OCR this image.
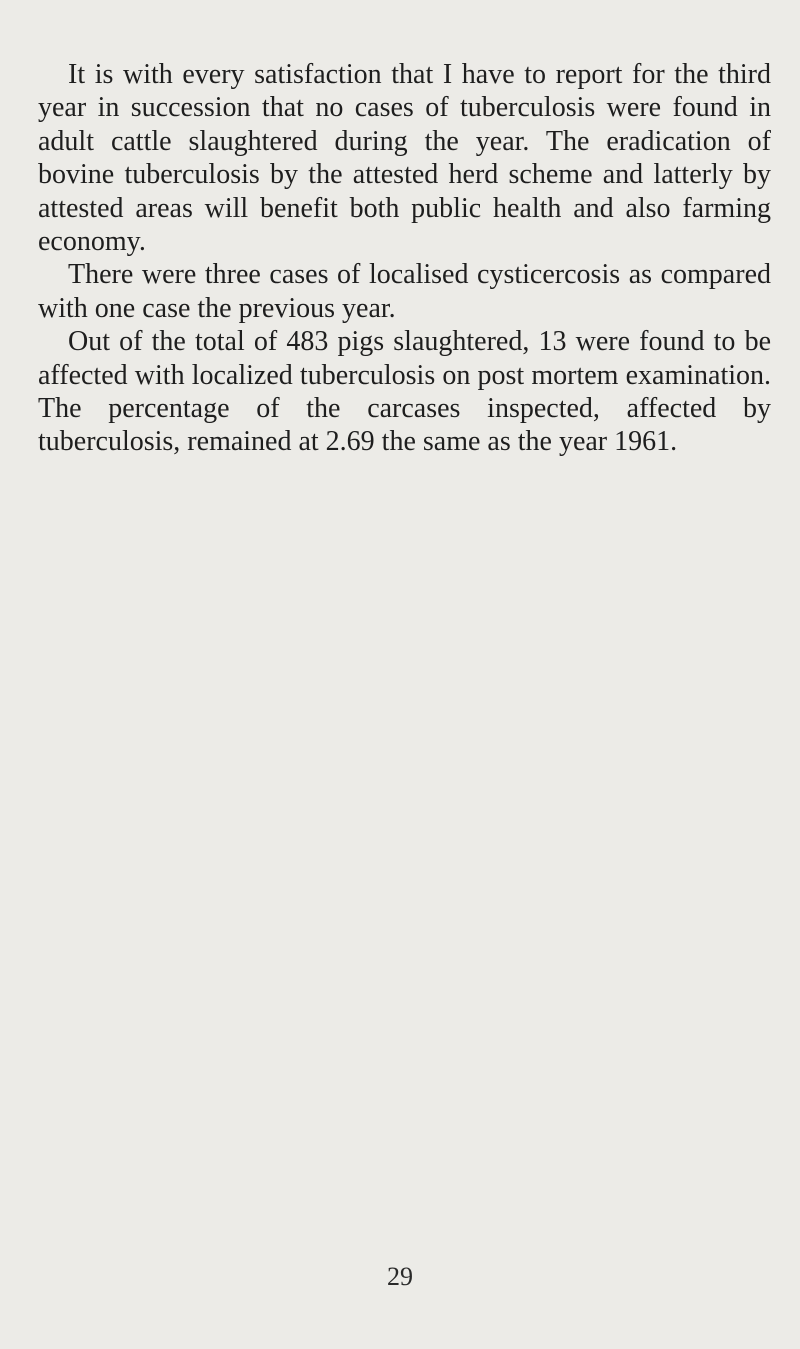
It is with every satisfaction that I have to report for the third year in succession that no cases of tuberculosis were found in adult cattle slaughtered during the year. The eradication of bovine tuberculosis by the attested herd scheme and latterly by attested areas will benefit both public health and also farming economy.

There were three cases of localised cysticercosis as compared with one case the previous year.

Out of the total of 483 pigs slaughtered, 13 were found to be affected with localized tuberculosis on post mortem examination. The percentage of the carcases inspected, affected by tuberculosis, remained at 2.69 the same as the year 1961.

29
